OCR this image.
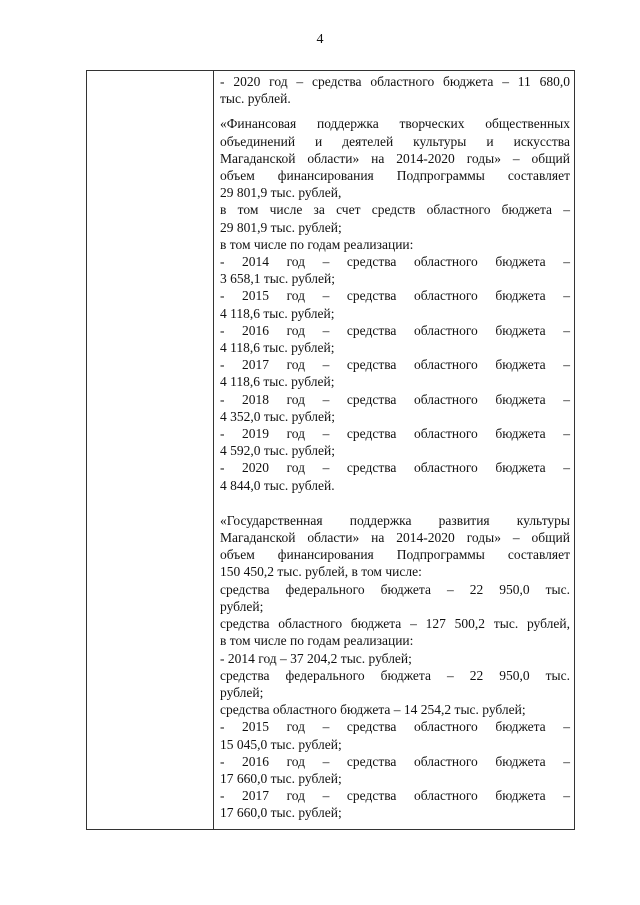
4
- 2020 год – средства областного бюджета – 11 680,0
тыс. рублей.
«Финансовая поддержка творческих общественных
объединений и деятелей культуры и искусства
Магаданской области» на 2014-2020 годы» – общий
объем финансирования Подпрограммы составляет
29 801,9 тыс. рублей,
в том числе за счет средств областного бюджета –
29 801,9 тыс. рублей;
в том числе по годам реализации:
- 2014 год – средства областного бюджета –
3 658,1 тыс. рублей;
- 2015 год – средства областного бюджета –
4 118,6 тыс. рублей;
- 2016 год – средства областного бюджета –
4 118,6 тыс. рублей;
- 2017 год – средства областного бюджета –
4 118,6 тыс. рублей;
- 2018 год – средства областного бюджета –
4 352,0 тыс. рублей;
- 2019 год – средства областного бюджета –
4 592,0 тыс. рублей;
- 2020 год – средства областного бюджета –
4 844,0 тыс. рублей.
«Государственная поддержка развития культуры
Магаданской области» на 2014-2020 годы» – общий
объем финансирования Подпрограммы составляет
150 450,2 тыс. рублей, в том числе:
средства федерального бюджета – 22 950,0 тыс.
рублей;
средства областного бюджета – 127 500,2 тыс. рублей,
в том числе по годам реализации:
- 2014 год – 37 204,2 тыс. рублей;
средства федерального бюджета – 22 950,0 тыс.
рублей;
средства областного бюджета – 14 254,2 тыс. рублей;
- 2015 год – средства областного бюджета –
15 045,0 тыс. рублей;
- 2016 год – средства областного бюджета –
17 660,0 тыс. рублей;
- 2017 год – средства областного бюджета –
17 660,0 тыс. рублей;
